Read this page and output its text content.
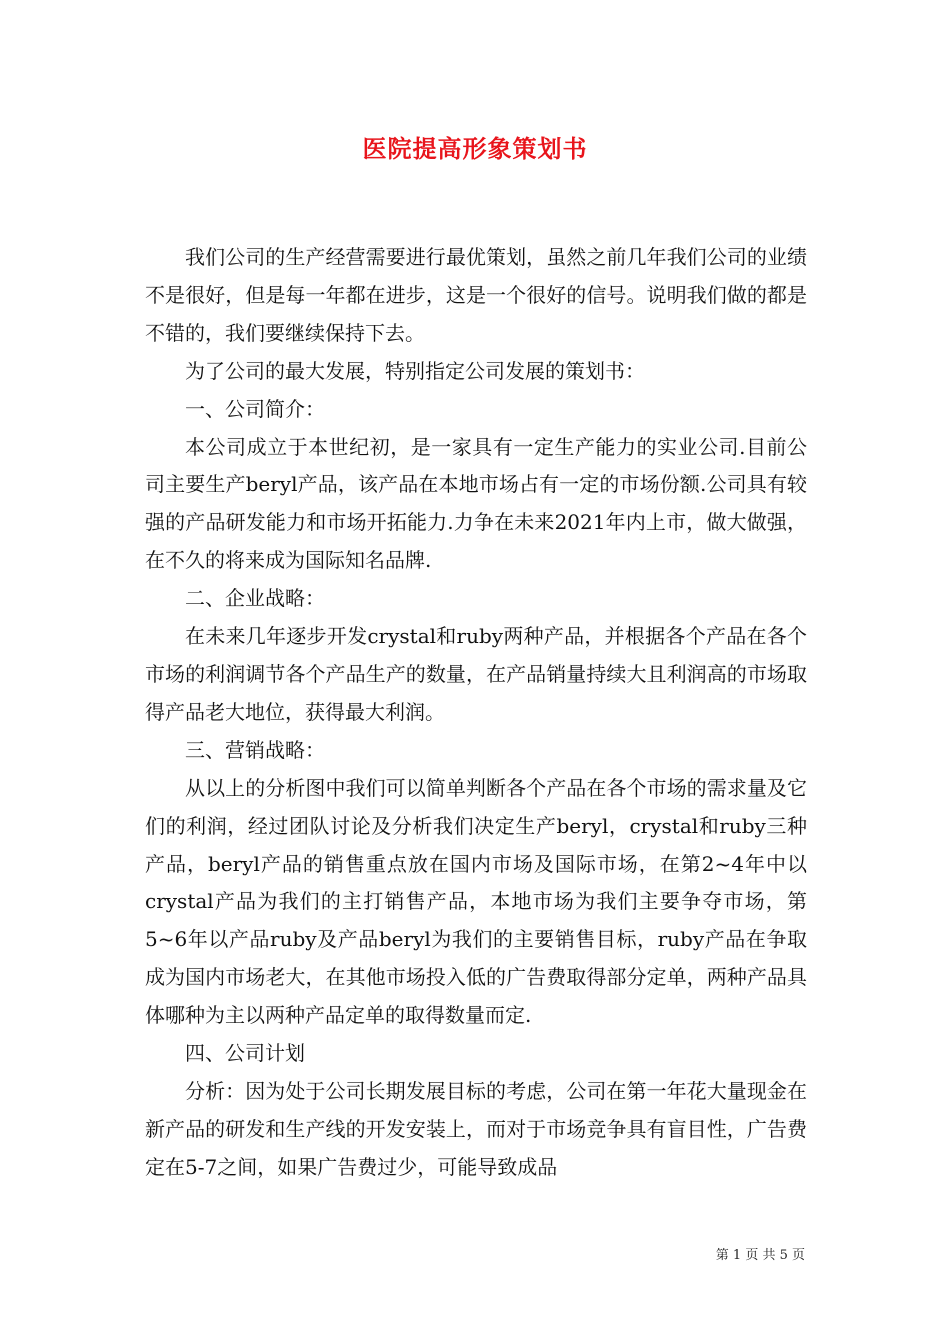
医院提高形象策划书

我们公司的生产经营需要进行最优策划，虽然之前几年我们公司的业绩不是很好，但是每一年都在进步，这是一个很好的信号。说明我们做的都是不错的，我们要继续保持下去。

为了公司的最大发展，特别指定公司发展的策划书：

一、公司简介：

本公司成立于本世纪初，是一家具有一定生产能力的实业公司.目前公司主要生产beryl产品，该产品在本地市场占有一定的市场份额.公司具有较强的产品研发能力和市场开拓能力.力争在未来2021年内上市，做大做强，在不久的将来成为国际知名品牌.

二、企业战略：

在未来几年逐步开发crystal和ruby两种产品，并根据各个产品在各个市场的利润调节各个产品生产的数量，在产品销量持续大且利润高的市场取得产品老大地位，获得最大利润。

三、营销战略：

从以上的分析图中我们可以简单判断各个产品在各个市场的需求量及它们的利润，经过团队讨论及分析我们决定生产beryl，crystal和ruby三种产品，beryl产品的销售重点放在国内市场及国际市场，在第2~4年中以crystal产品为我们的主打销售产品，本地市场为我们主要争夺市场，第5~6年以产品ruby及产品beryl为我们的主要销售目标，ruby产品在争取成为国内市场老大，在其他市场投入低的广告费取得部分定单，两种产品具体哪种为主以两种产品定单的取得数量而定.

四、公司计划

分析：因为处于公司长期发展目标的考虑，公司在第一年花大量现金在新产品的研发和生产线的开发安装上，而对于市场竞争具有盲目性，广告费定在5-7之间，如果广告费过少，可能导致成品

第 1 页 共 5 页
